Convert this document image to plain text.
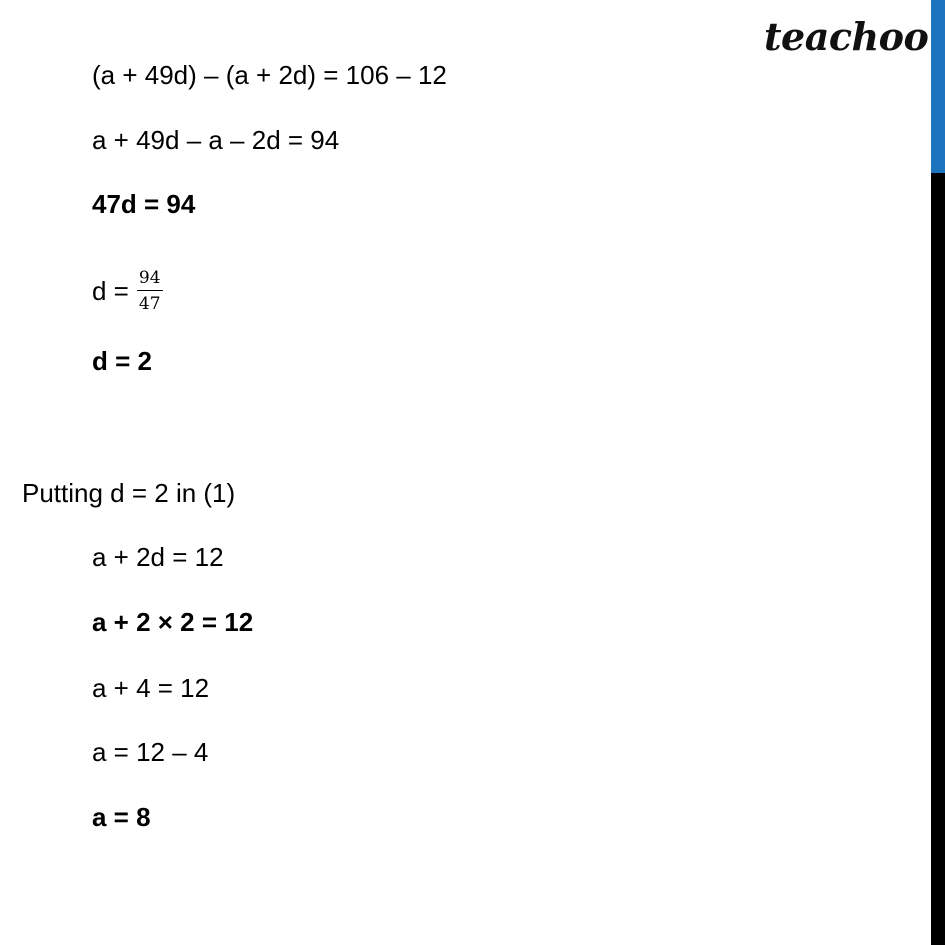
teachoo
(a + 49d) – (a + 2d) = 106 – 12
a + 49d – a – 2d = 94
47d = 94
$d = \frac{94}{47}$
d = 2
Putting d = 2 in (1)
a + 2d = 12
a + 2 × 2 = 12
a + 4 = 12
a = 12 – 4
a = 8
